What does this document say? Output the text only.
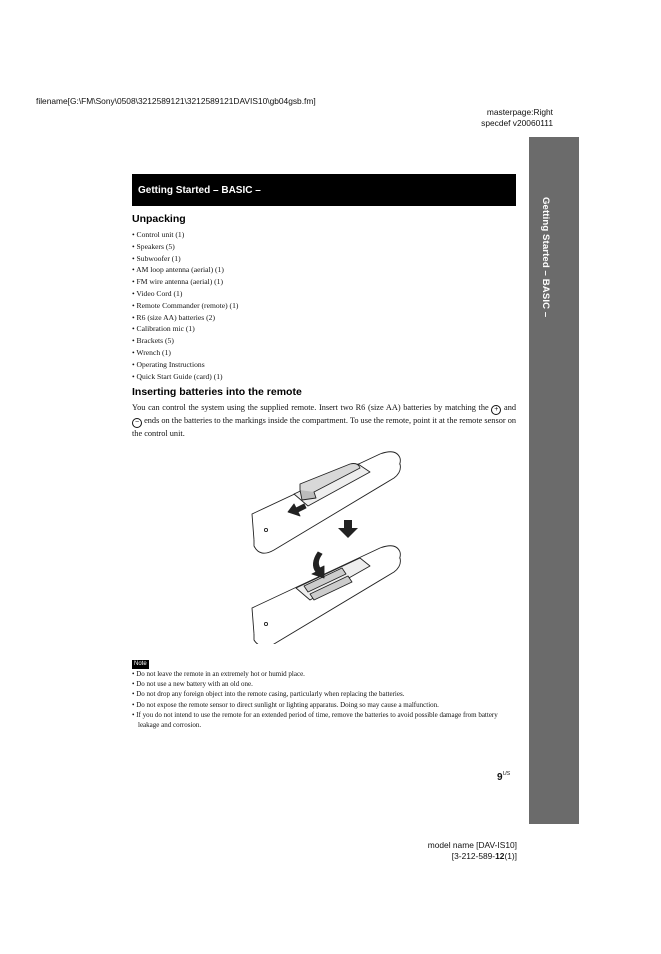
filename[G:\FM\Sony\0508\3212589121\3212589121DAVIS10\gb04gsb.fm]
masterpage:Right
specdef v20060111
Getting Started – BASIC –
Getting Started – BASIC –
Unpacking
• Control unit (1)
• Speakers (5)
• Subwoofer (1)
• AM loop antenna (aerial) (1)
• FM wire antenna (aerial) (1)
• Video Cord (1)
• Remote Commander (remote) (1)
• R6 (size AA) batteries (2)
• Calibration mic (1)
• Brackets (5)
• Wrench (1)
• Operating Instructions
• Quick Start Guide (card) (1)
Inserting batteries into the remote
You can control the system using the supplied remote. Insert two R6 (size AA) batteries by matching the + and − ends on the batteries to the markings inside the compartment. To use the remote, point it at the remote sensor on the control unit.
Note
• Do not leave the remote in an extremely hot or humid place.
• Do not use a new battery with an old one.
• Do not drop any foreign object into the remote casing, particularly when replacing the batteries.
• Do not expose the remote sensor to direct sunlight or lighting apparatus. Doing so may cause a malfunction.
• If you do not intend to use the remote for an extended period of time, remove the batteries to avoid possible damage from battery leakage and corrosion.
$9^{US}$
model name [DAV-IS10]
[3-212-589-12(1)]
